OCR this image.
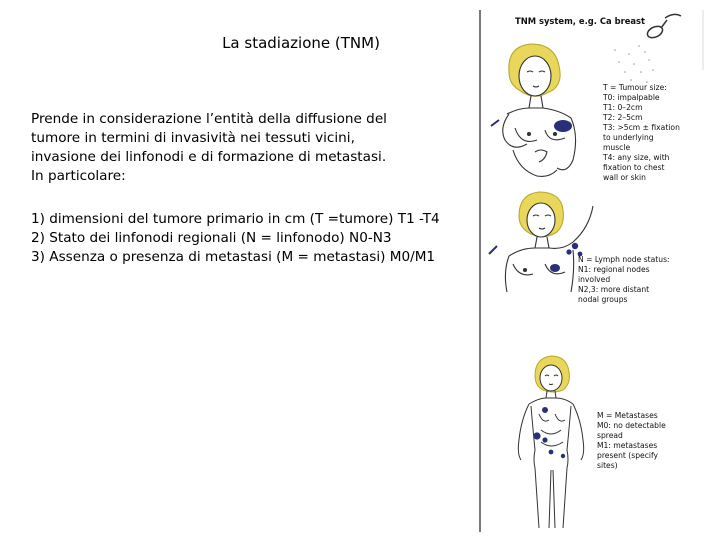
La stadiazione (TNM)
Prende in considerazione l’entità della diffusione del
tumore in termini di invasività nei tessuti vicini,
invasione dei linfonodi e di formazione di metastasi.
In particolare:
1) dimensioni del tumore primario in cm (T =tumore) T1 -T4
2) Stato dei linfonodi regionali (N = linfonodo) N0-N3
3) Assenza o presenza di metastasi (M = metastasi) M0/M1
TNM system, e.g. Ca breast
T = Tumour size:
T0: impalpable
T1: 0–2cm
T2: 2–5cm
T3: >5cm ± fixation
to underlying
muscle
T4: any size, with
fixation to chest
wall or skin
N = Lymph node status:
N1: regional nodes
involved
N2,3: more distant
nodal groups
M = Metastases
M0: no detectable
spread
M1: metastases
present (specify
sites)
